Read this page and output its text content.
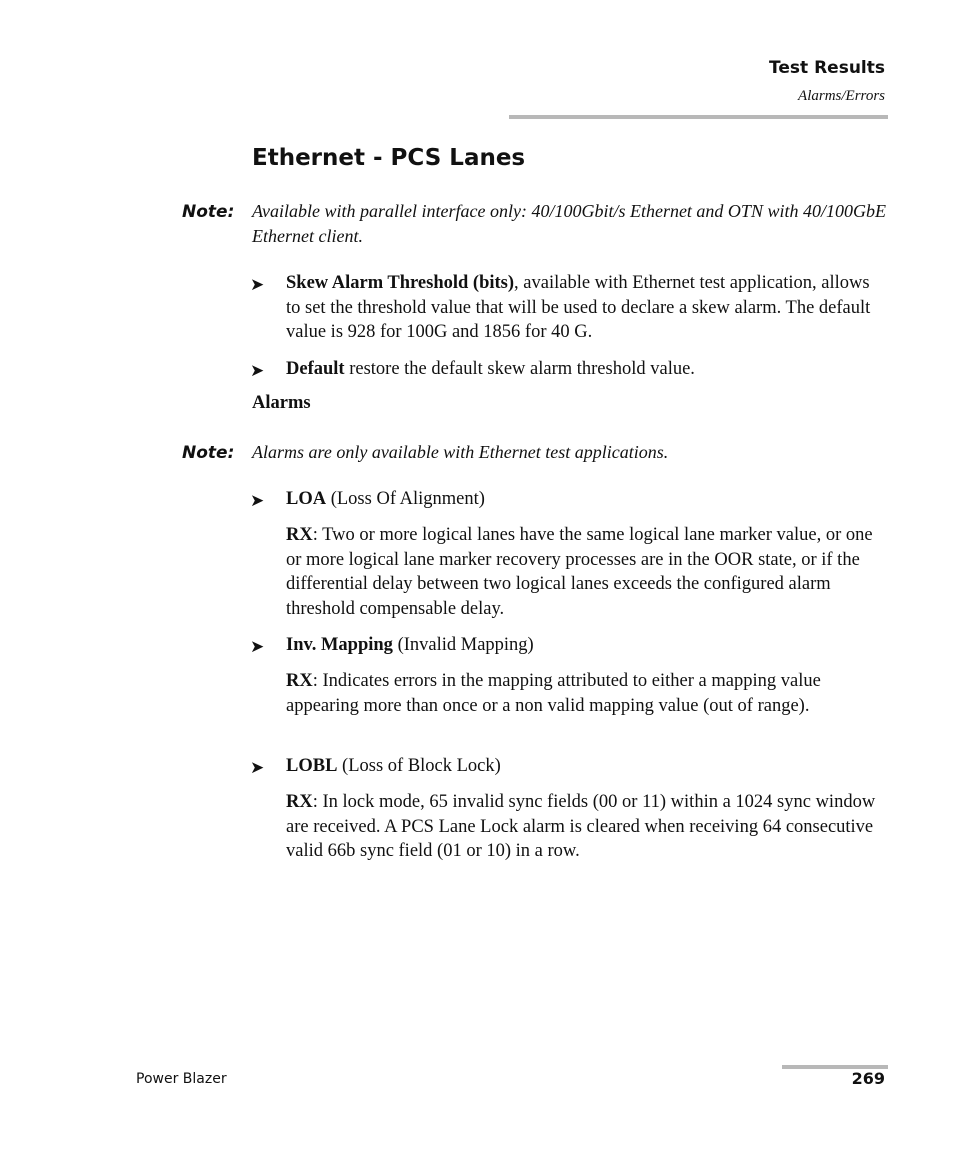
Test Results
Alarms/Errors
Ethernet - PCS Lanes
Note: Available with parallel interface only: 40/100Gbit/s Ethernet and OTN with 40/100GbE Ethernet client.
➤ Skew Alarm Threshold (bits), available with Ethernet test application, allows to set the threshold value that will be used to declare a skew alarm. The default value is 928 for 100G and 1856 for 40 G.
➤ Default restore the default skew alarm threshold value.
Alarms
Note: Alarms are only available with Ethernet test applications.
➤ LOA (Loss Of Alignment)
RX: Two or more logical lanes have the same logical lane marker value, or one or more logical lane marker recovery processes are in the OOR state, or if the differential delay between two logical lanes exceeds the configured alarm threshold compensable delay.
➤ Inv. Mapping (Invalid Mapping)
RX: Indicates errors in the mapping attributed to either a mapping value appearing more than once or a non valid mapping value (out of range).
➤ LOBL (Loss of Block Lock)
RX: In lock mode, 65 invalid sync fields (00 or 11) within a 1024 sync window are received. A PCS Lane Lock alarm is cleared when receiving 64 consecutive valid 66b sync field (01 or 10) in a row.
Power Blazer	269
